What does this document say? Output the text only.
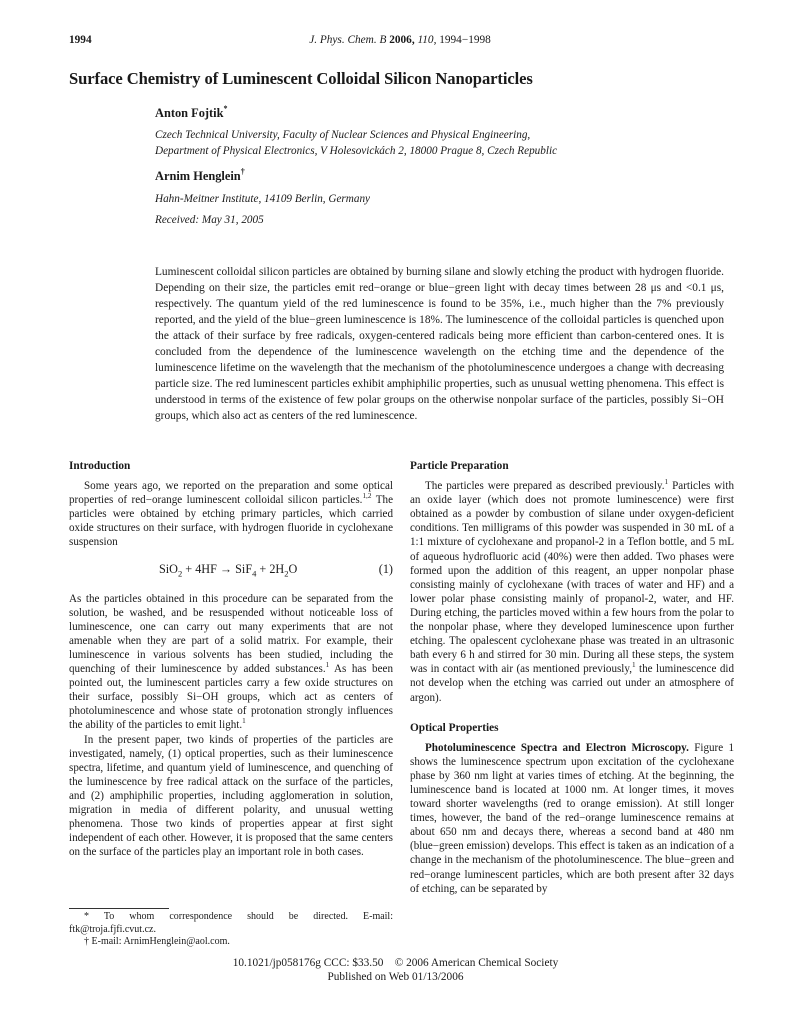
1994	J. Phys. Chem. B 2006, 110, 1994−1998
Surface Chemistry of Luminescent Colloidal Silicon Nanoparticles
Anton Fojtik*
Czech Technical University, Faculty of Nuclear Sciences and Physical Engineering,
Department of Physical Electronics, V Holesovickách 2, 18000 Prague 8, Czech Republic
Arnim Henglein†
Hahn-Meitner Institute, 14109 Berlin, Germany
Received: May 31, 2005
Luminescent colloidal silicon particles are obtained by burning silane and slowly etching the product with hydrogen fluoride. Depending on their size, the particles emit red−orange or blue−green light with decay times between 28 μs and <0.1 μs, respectively. The quantum yield of the red luminescence is found to be 35%, i.e., much higher than the 7% previously reported, and the yield of the blue−green luminescence is 18%. The luminescence of the colloidal particles is quenched upon the attack of their surface by free radicals, oxygen-centered radicals being more efficient than carbon-centered ones. It is concluded from the dependence of the luminescence wavelength on the etching time and the dependence of the luminescence lifetime on the wavelength that the mechanism of the photoluminescence undergoes a change with decreasing particle size. The red luminescent particles exhibit amphiphilic properties, such as unusual wetting phenomena. This effect is understood in terms of the existence of few polar groups on the otherwise nonpolar surface of the particles, possibly Si−OH groups, which also act as centers of the red luminescence.
Introduction

Some years ago, we reported on the preparation and some optical properties of red−orange luminescent colloidal silicon particles.$^{1,2}$ The particles were obtained by etching primary particles, which carried oxide structures on their surface, with hydrogen fluoride in cyclohexane suspension

$SiO_2 + 4HF \to SiF_4 + 2H_2O$	(1)

As the particles obtained in this procedure can be separated from the solution, be washed, and be resuspended without noticeable loss of luminescence, one can carry out many experiments that are not amenable when they are part of a solid matrix. For example, their luminescence in various solvents has been studied, including the quenching of their luminescence by added substances.$^1$ As has been pointed out, the luminescent particles carry a few oxide structures on their surface, possibly Si−OH groups, which act as centers of photoluminescence and whose state of protonation strongly influences the ability of the particles to emit light.$^1$

In the present paper, two kinds of properties of the particles are investigated, namely, (1) optical properties, such as their luminescence spectra, lifetime, and quantum yield of luminescence, and quenching of the luminescence by free radical attack on the surface of the particles, and (2) amphiphilic properties, including agglomeration in solution, migration in media of different polarity, and unusual wetting phenomena. Those two kinds of properties appear at first sight independent of each other. However, it is proposed that the same centers on the surface of the particles play an important role in both cases.

* To whom correspondence should be directed. E-mail: ftk@troja.fjfi.cvut.cz.

† E-mail: ArnimHenglein@aol.com.

Particle Preparation

The particles were prepared as described previously.$^1$ Particles with an oxide layer (which does not promote luminescence) were first obtained as a powder by combustion of silane under oxygen-deficient conditions. Ten milligrams of this powder was suspended in 30 mL of a 1:1 mixture of cyclohexane and propanol-2 in a Teflon bottle, and 5 mL of aqueous hydrofluoric acid (40%) were then added. Two phases were formed upon the addition of this reagent, an upper nonpolar phase consisting mainly of cyclohexane (with traces of water and HF) and a lower polar phase consisting mainly of propanol-2, water, and HF. During etching, the particles moved within a few hours from the polar to the nonpolar phase, where they developed luminescence upon further etching. The opalescent cyclohexane phase was treated in an ultrasonic bath every 6 h and stirred for 30 min. During all these steps, the system was in contact with air (as mentioned previously,$^1$ the luminescence did not develop when the etching was carried out under an atmosphere of argon).

Optical Properties

Photoluminescence Spectra and Electron Microscopy. Figure 1 shows the luminescence spectrum upon excitation of the cyclohexane phase by 360 nm light at varies times of etching. At the beginning, the luminescence band is located at 1000 nm. At longer times, it moves toward shorter wavelengths (red to orange emission). At still longer times, however, the band of the red−orange luminescence remains at about 650 nm and decays there, whereas a second band at 480 nm (blue−green emission) develops. This effect is taken as an indication of a change in the mechanism of the photoluminescence. The blue−green and red−orange luminescent particles, which are both present after 32 days of etching, can be separated by

10.1021/jp058176g CCC: $33.50 © 2006 American Chemical Society
Published on Web 01/13/2006
